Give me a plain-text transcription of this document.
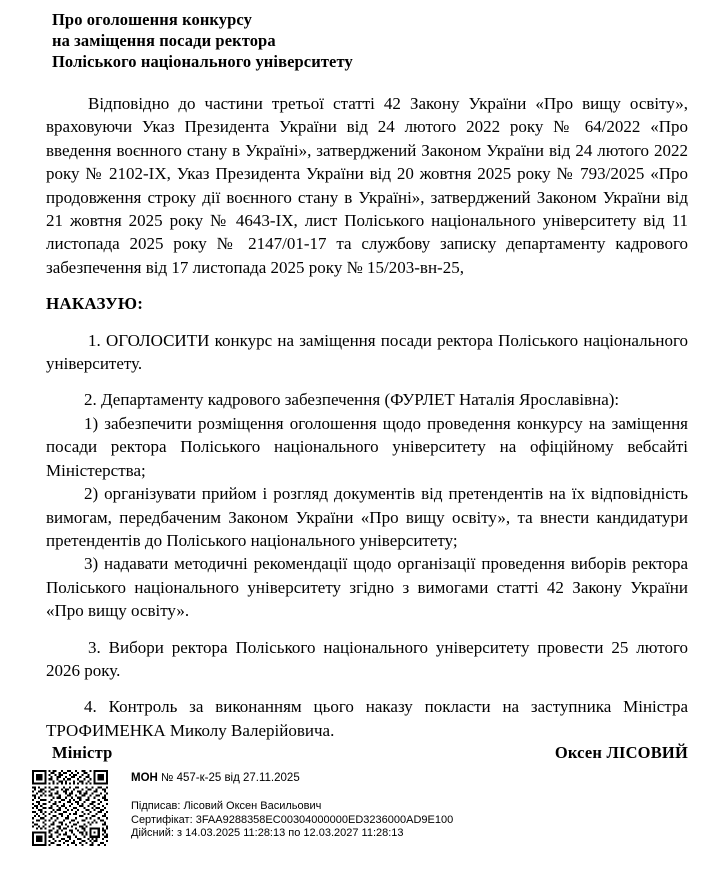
Про оголошення конкурсу
на заміщення посади ректора
Поліського національного університету

Відповідно до частини третьої статті 42 Закону України «Про вищу освіту», враховуючи Указ Президента України від 24 лютого 2022 року № 64/2022 «Про введення воєнного стану в Україні», затверджений Законом України від 24 лютого 2022 року № 2102-IX, Указ Президента України від 20 жовтня 2025 року № 793/2025 «Про продовження строку дії воєнного стану в Україні», затверджений Законом України від 21 жовтня 2025 року № 4643-IX, лист Поліського національного університету від 11 листопада 2025 року № 2147/01-17 та службову записку департаменту кадрового забезпечення від 17 листопада 2025 року № 15/203-вн-25,

НАКАЗУЮ:

1. ОГОЛОСИТИ конкурс на заміщення посади ректора Поліського національного університету.

2. Департаменту кадрового забезпечення (ФУРЛЕТ Наталія Ярославівна):

1) забезпечити розміщення оголошення щодо проведення конкурсу на заміщення посади ректора Поліського національного університету на офіційному вебсайті Міністерства;

2) організувати прийом і розгляд документів від претендентів на їх відповідність вимогам, передбаченим Законом України «Про вищу освіту», та внести кандидатури претендентів до Поліського національного університету;

3) надавати методичні рекомендації щодо організації проведення виборів ректора Поліського національного університету згідно з вимогами статті 42 Закону України «Про вищу освіту».

3. Вибори ректора Поліського національного університету провести 25 лютого 2026 року.

4. Контроль за виконанням цього наказу покласти на заступника Міністра ТРОФИМЕНКА Миколу Валерійовича.

Міністр	Оксен ЛІСОВИЙ
МОН № 457-к-25 від 27.11.2025
Підписав: Лісовий Оксен Васильович
Сертифікат: 3FAA9288358EC00304000000ED3236000AD9E100
Дійсний: з 14.03.2025 11:28:13 по 12.03.2027 11:28:13
